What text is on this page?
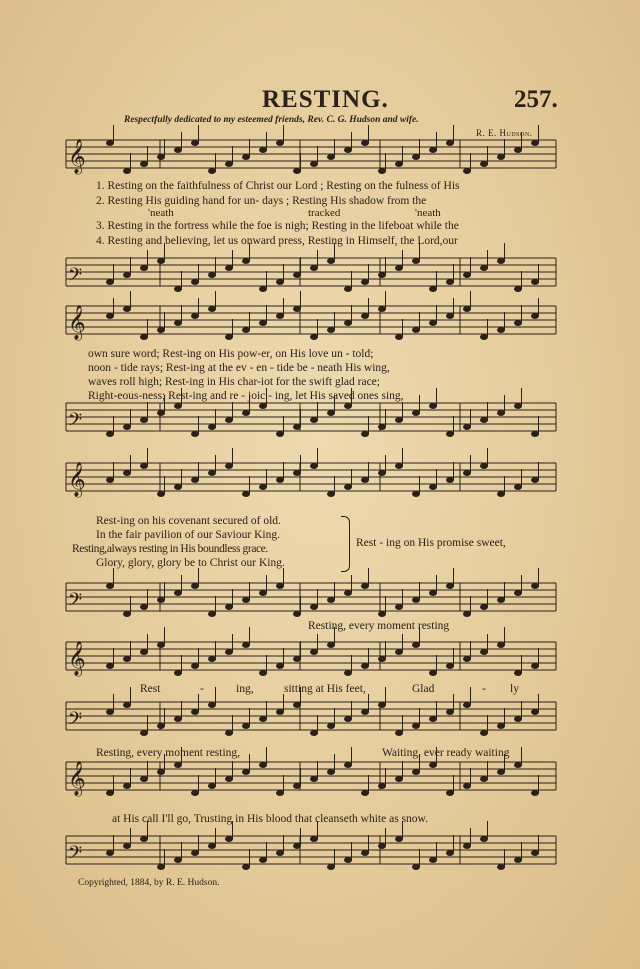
RESTING.	257.
Respectfully dedicated to my esteemed friends, Rev. C. G. Hudson and wife.
R. E. Hudson.
𝄞
𝄢
𝄞
𝄢
𝄞
𝄢
𝄞
𝄢
𝄞
𝄢
1. Resting on the faithfulness of Christ our Lord ; Resting on the fulness of His
2. Resting His guiding hand for un- days ; Resting His shadow from the
'neath	tracked	'neath
3. Resting in the fortress while the foe is nigh; Resting in the lifeboat while the
4. Resting and believing, let us onward press, Resting in Himself, the Lord,our
own sure word; Rest-ing on His pow-er, on His love un - told;
noon - tide rays; Rest-ing at the ev - en - tide be - neath His wing,
waves roll high; Rest-ing in His char-iot for the swift glad race;
Right-eous-ness; Rest-ing and re - joic - ing, let His saved ones sing,
Rest-ing on his covenant secured of old.
In the fair pavilion of our Saviour King.
Resting,always resting in His boundless grace.
Glory, glory, glory be to Christ our King.
Rest - ing on His promise sweet,
Resting, every moment resting
Rest	-	ing,	sitting at His feet,	Glad	- ly
Resting, every moment resting,	Waiting, ever ready waiting
at His call I'll go, Trusting in His blood that cleanseth white as snow.
Copyrighted, 1884, by R. E. Hudson.
